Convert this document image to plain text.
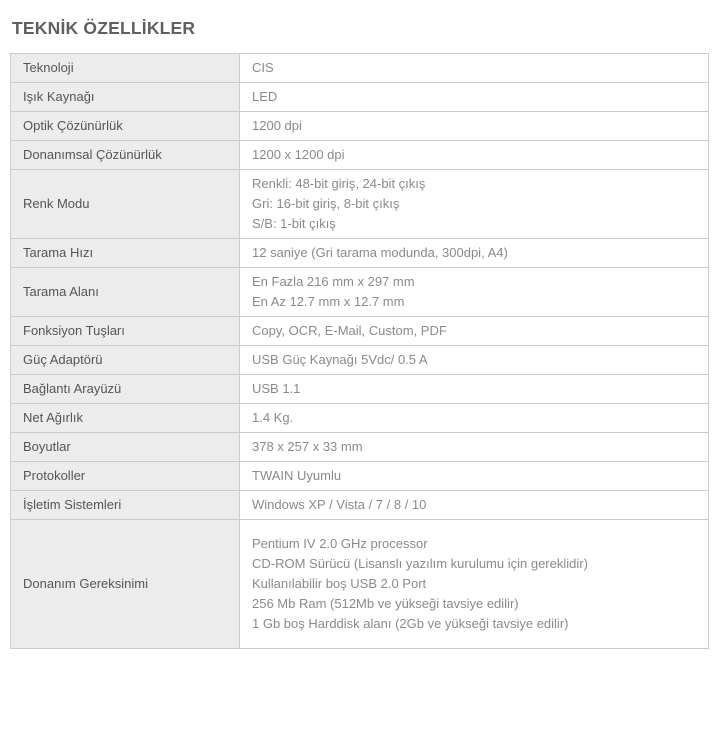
TEKNİK ÖZELLİKLER
Teknoloji	CIS

Işık Kaynağı	LED

Optik Çözünürlük	1200 dpi

Donanımsal Çözünürlük	1200 x 1200 dpi

Renk Modu	Renkli: 48-bit giriş, 24-bit çıkış
Gri: 16-bit giriş, 8-bit çıkış
S/B: 1-bit çıkış

Tarama Hızı	12 saniye (Gri tarama modunda, 300dpi, A4)

Tarama Alanı	En Fazla 216 mm x 297 mm
En Az 12.7 mm x 12.7 mm

Fonksiyon Tuşları	Copy, OCR, E-Mail, Custom, PDF

Güç Adaptörü	USB Güç Kaynağı 5Vdc/ 0.5 A

Bağlantı Arayüzü	USB 1.1

Net Ağırlık	1.4 Kg.

Boyutlar	378 x 257 x 33 mm

Protokoller	TWAIN Uyumlu

İşletim Sistemleri	Windows XP / Vista / 7 / 8 / 10

Donanım Gereksinimi	Pentium IV 2.0 GHz processor
CD-ROM Sürücü (Lisanslı yazılım kurulumu için gereklidir)
Kullanılabilir boş USB 2.0 Port
256 Mb Ram (512Mb ve yükseği tavsiye edilir)
1 Gb boş Harddisk alanı (2Gb ve yükseği tavsiye edilir)
